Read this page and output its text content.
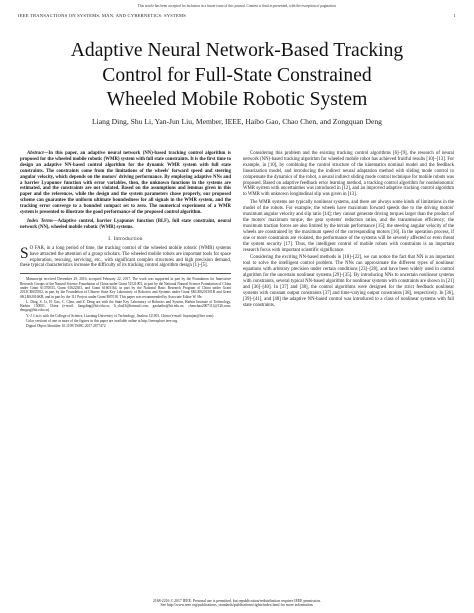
This article has been accepted for inclusion in a future issue of this journal. Content is final as presented, with the exception of pagination.
IEEE TRANSACTIONS ON SYSTEMS, MAN, AND CYBERNETICS: SYSTEMS	1
Adaptive Neural Network-Based Tracking
Control for Full-State Constrained
Wheeled Mobile Robotic System
Liang Ding, Shu Li, Yan-Jun Liu, Member, IEEE, Haibo Gao, Chao Chen, and Zongquan Deng
Abstract—In this paper, an adaptive neural network (NN)-based tracking control algorithm is proposed for the wheeled mobile robotic (WMR) system with full state constraints. It is the first time to design an adaptive NN-based control algorithm for the dynamic WMR system with full state constraints. The constraints come from the limitations of the wheels' forward speed and steering angular velocity, which depends on the motors' driving performance. By employing adaptive NNs and a barrier Lyapunov function with error variables, then, the unknown functions in the systems are estimated, and the constraints are not violated. Based on the assumptions and lemmas given in this paper and the references, while the design and the system parameters chose properly, our proposed scheme can guarantee the uniform ultimate boundedness for all signals in the WMR system, and the tracking error converge to a bounded compact set to zero. The numerical experiment of a WMR system is presented to illustrate the good performance of the proposed control algorithm.
Index Terms—Adaptive control, barrier Lyapunov function (BLF), full state constraint, neural network (NN), wheeled mobile robotic (WMR) systems.
I. Introduction
S O FAR, in a long period of time, the tracking control of the wheeled mobile robotic (WMR) systems have attracted the attention of a group scholars. The wheeled mobile robots are important tools for space exploration, rescuing, servicing, etc., with significant complex structures and high precision demand, these typical characteristics increase the difficulty of its tracking control algorithm design [1]–[5].

Manuscript received December 29, 2016; accepted February 22, 2017. The work was supported in part by the Foundation for Innovative Research Groups of the Natural Science Foundation of China under Grant 51521003, in part by the National Natural Science Foundation of China under Grant 61370033, Grant 61622303, and Grant 61603164, in part by the National Basic Research Program of China under Grant 2013CB035502, in part by the Foundation of Chinese State Key Laboratory of Robotics and Systems under Grant SKLRS201501B and Grant SKLRS2016KB, and in part by the 111 Project under Grant B07018. This paper was recommended by Associate Editor W. He.

L. Ding, S. Li, H. Gao, C. Chen, and Z. Deng are with the State Key Laboratory of Robotics and System, Harbin Institute of Technology, Harbin 150001, China (e-mail: liangding@hit.edu.cn; li_shu43@hotmail.com; gaohaibo@hit.edu.cn; chenchao2007111@126.com; dengzq@hit.edu.cn).

Y.-J. Liu is with the College of Science, Liaoning University of Technology, Jinzhou 121001, China (e-mail: liuyanjun@live.com).

Color versions of one or more of the figures in this paper are available online at http://ieeexplore.ieee.org.

Digital Object Identifier 10.1109/TSMC.2017.2677472

Considering this problem and the existing tracking control algorithms [6]–[9], the research of neural network (NN)-based tracking algorithm for wheeled mobile robot has achieved fruitful results [10]–[13]. For example, in [10], by combining the control structure of the kinematics nominal model and the feedback linearization model, and introducing the indirect neural adaptation method with sliding mode control to compensate the dynamics of the robot, a neural indirect sliding mode control technique for mobile robots was proposed. Based on adaptive feedback error learning method, a tracking control algorithm for nonholonomic WMR system with uncertainties was introduced in [12], and an improved adaptive tracking control algorithm to WMR with unknown longitudinal slip was given in [13].

The WMR systems are typically nonlinear systems, and there are always some kinds of limitations in the model of the robots. For example, the wheels have maximum forward speeds due to the driving motors' maximum angular velocity and slip ratio [14]; they cannot generate driving torques larger than the product of the motors' maximum torque, the gear systems' reduction ratios, and the transmission efficiency; the maximum traction forces are also limited by the terrain performance [15]; the steering angular velocity of the wheels are constrained by the maximum speed of the corresponding motors [16]. In the operation process, if one or more constraints are violated, the performance of the systems will be severely affected or even threat the system security [17]. Thus, the intelligent control of mobile robots with constraints is an important research focus with important scientific significance.

Considering the exciting NN-based methods in [18]–[22], we can notice the fact that NN is an important tool to solve the intelligent control problem. The NNs can approximate the different types of nonlinear equations with arbitrary precision under certain conditions [23]–[28], and have been widely used in control algorithm for the uncertain nonlinear systems [29]–[35]. By introducing NNs to uncertain nonlinear systems with constraints, several typical NN-based algorithm for nonlinear systems with constraints are shown in [21] and [36]–[40]. In [37] and [38], the control algorithms were designed for the strict feedback nonlinear systems with constant output constraints [37] and time-varying output constraints [38], respectively. In [36], [39]–[41], and [48] the adaptive NN-based control was introduced to a class of nonlinear systems with full state constraints.

2168-2216 © 2017 IEEE. Personal use is permitted, but republication/redistribution requires IEEE permission.
See http://www.ieee.org/publications_standards/publications/rights/index.html for more information.
